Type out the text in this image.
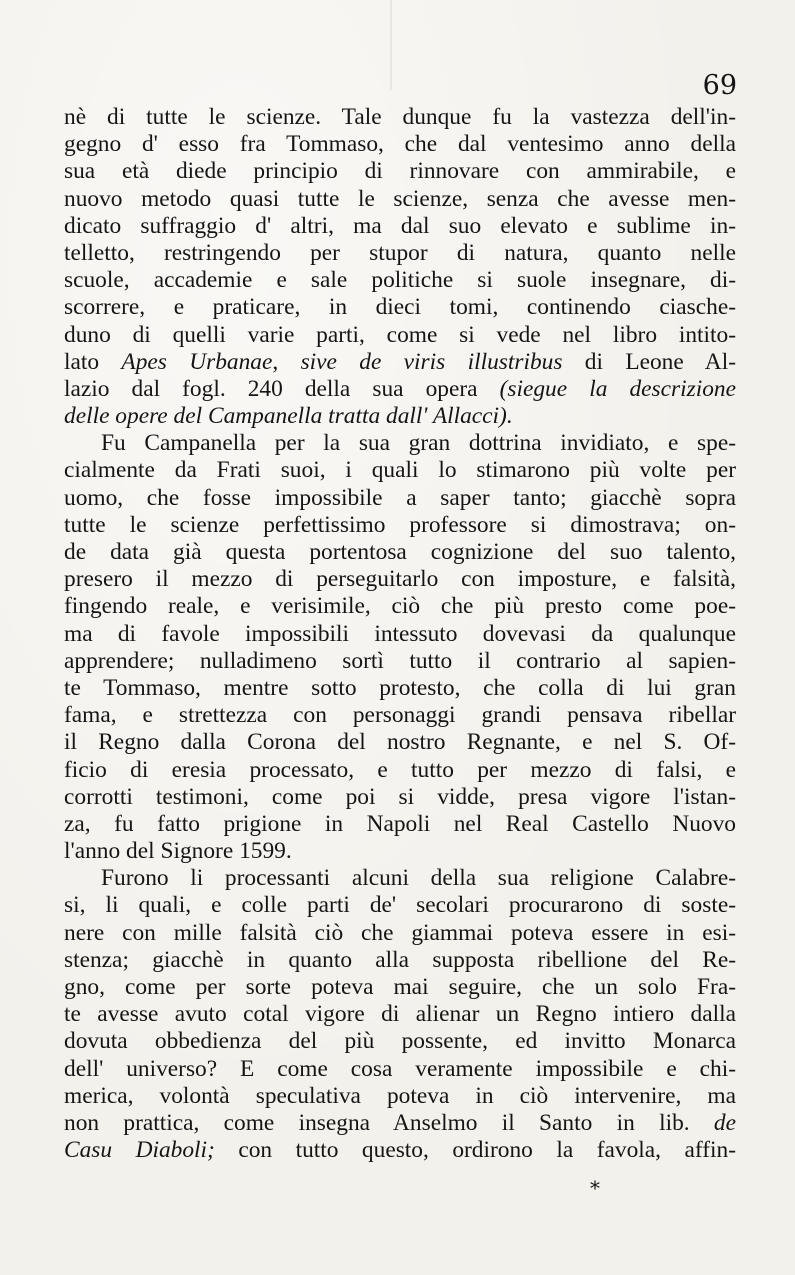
69
nè di tutte le scienze. Tale dunque fu la vastezza dell'in-
gegno d' esso fra Tommaso, che dal ventesimo anno della
sua età diede principio di rinnovare con ammirabile, e
nuovo metodo quasi tutte le scienze, senza che avesse men-
dicato suffraggio d' altri, ma dal suo elevato e sublime in-
telletto, restringendo per stupor di natura, quanto nelle
scuole, accademie e sale politiche si suole insegnare, di-
scorrere, e praticare, in dieci tomi, continendo ciasche-
duno di quelli varie parti, come si vede nel libro intito-
lato Apes Urbanae, sive de viris illustribus di Leone Al-
lazio dal fogl. 240 della sua opera (siegue la descrizione
delle opere del Campanella tratta dall' Allacci).
Fu Campanella per la sua gran dottrina invidiato, e spe-
cialmente da Frati suoi, i quali lo stimarono più volte per
uomo, che fosse impossibile a saper tanto; giacchè sopra
tutte le scienze perfettissimo professore si dimostrava; on-
de data già questa portentosa cognizione del suo talento,
presero il mezzo di perseguitarlo con imposture, e falsità,
fingendo reale, e verisimile, ciò che più presto come poe-
ma di favole impossibili intessuto dovevasi da qualunque
apprendere; nulladimeno sortì tutto il contrario al sapien-
te Tommaso, mentre sotto protesto, che colla di lui gran
fama, e strettezza con personaggi grandi pensava ribellar
il Regno dalla Corona del nostro Regnante, e nel S. Of-
ficio di eresia processato, e tutto per mezzo di falsi, e
corrotti testimoni, come poi si vidde, presa vigore l'istan-
za, fu fatto prigione in Napoli nel Real Castello Nuovo
l'anno del Signore 1599.
Furono li processanti alcuni della sua religione Calabre-
si, li quali, e colle parti de' secolari procurarono di soste-
nere con mille falsità ciò che giammai poteva essere in esi-
stenza; giacchè in quanto alla supposta ribellione del Re-
gno, come per sorte poteva mai seguire, che un solo Fra-
te avesse avuto cotal vigore di alienar un Regno intiero dalla
dovuta obbedienza del più possente, ed invitto Monarca
dell' universo? E come cosa veramente impossibile e chi-
merica, volontà speculativa poteva in ciò intervenire, ma
non prattica, come insegna Anselmo il Santo in lib. de
Casu Diaboli; con tutto questo, ordirono la favola, affin-
*
